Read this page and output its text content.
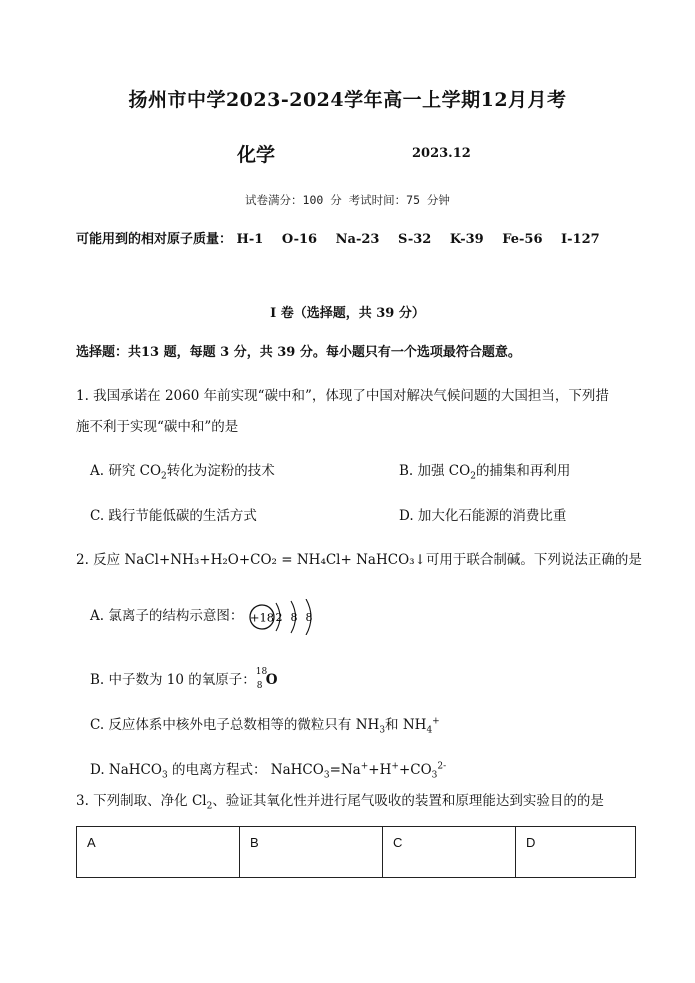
扬州市中学2023-2024学年高一上学期12月月考
化学	2023.12
试卷满分：100 分 考试时间：75 分钟
可能用到的相对原子质量： H-1 O-16 Na-23 S-32 K-39 Fe-56 I-127
I 卷（选择题，共 39 分）
选择题：共13 题，每题 3 分，共 39 分。每小题只有一个选项最符合题意。
1. 我国承诺在 2060 年前实现“碳中和”，体现了中国对解决气候问题的大国担当，下列措
施不利于实现“碳中和”的是
A. 研究 $CO_2$转化为淀粉的技术	B. 加强 $CO_2$的捕集和再利用
C. 践行节能低碳的生活方式	D. 加大化石能源的消费比重
2. 反应 NaCl+NH₃+H₂O+CO₂ = NH₄Cl+ NaHCO₃↓可用于联合制碱。下列说法正确的是
A. 氯离子的结构示意图： +18 2 8 8
B. 中子数为 10 的氧原子：
18
8 O
C. 反应体系中核外电子总数相等的微粒只有 $NH_3$和 $NH_4^+$
D. NaHCO$_3$ 的电离方程式： $NaHCO_3=Na^++H^++CO_3^{2-}$
3. 下列制取、净化 $Cl_2$、验证其氧化性并进行尾气吸收的装置和原理能达到实验目的的是
A	B	C	D
